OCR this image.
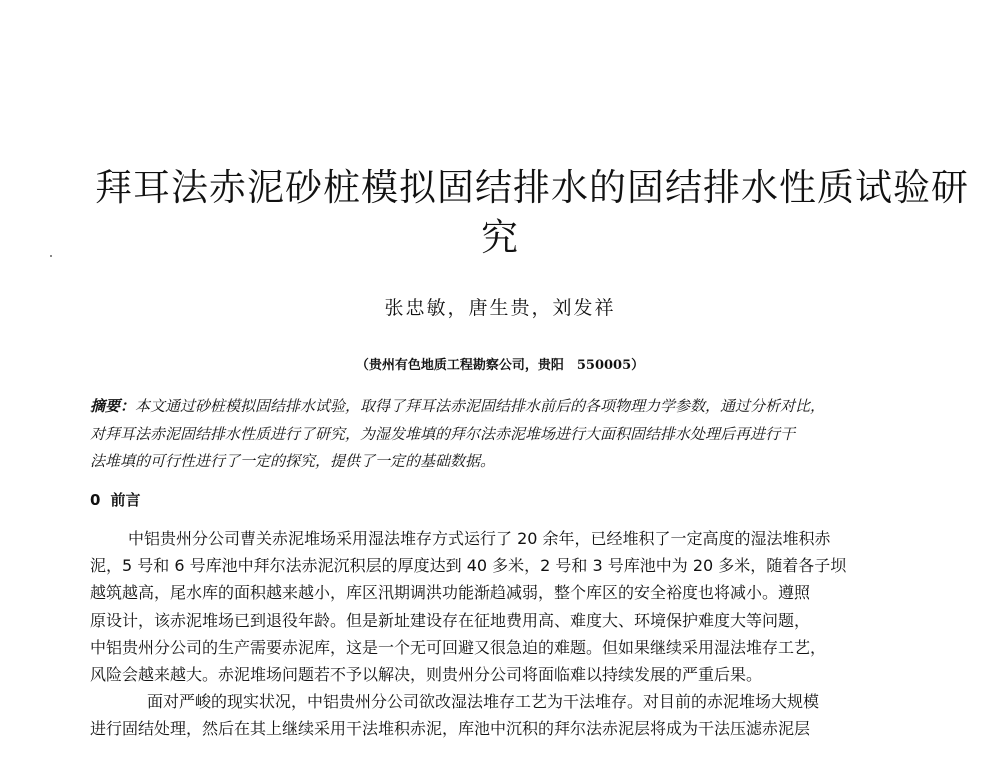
拜耳法赤泥砂桩模拟固结排水的固结排水性质试验研
究
张忠敏，唐生贵，刘发祥
（贵州有色地质工程勘察公司，贵阳　550005）
摘要：本文通过砂桩模拟固结排水试验，取得了拜耳法赤泥固结排水前后的各项物理力学参数，通过分析对比，
对拜耳法赤泥固结排水性质进行了研究，为湿发堆填的拜尔法赤泥堆场进行大面积固结排水处理后再进行干
法堆填的可行性进行了一定的探究，提供了一定的基础数据。
0 前言
中铝贵州分公司曹关赤泥堆场采用湿法堆存方式运行了 20 余年，已经堆积了一定高度的湿法堆积赤
泥，5 号和 6 号库池中拜尔法赤泥沉积层的厚度达到 40 多米，2 号和 3 号库池中为 20 多米，随着各子坝
越筑越高，尾水库的面积越来越小，库区汛期调洪功能渐趋减弱，整个库区的安全裕度也将减小。遵照
原设计，该赤泥堆场已到退役年龄。但是新址建设存在征地费用高、难度大、环境保护难度大等问题，
中铝贵州分公司的生产需要赤泥库，这是一个无可回避又很急迫的难题。但如果继续采用湿法堆存工艺，
风险会越来越大。赤泥堆场问题若不予以解决，则贵州分公司将面临难以持续发展的严重后果。
面对严峻的现实状况，中铝贵州分公司欲改湿法堆存工艺为干法堆存。对目前的赤泥堆场大规模
进行固结处理，然后在其上继续采用干法堆积赤泥，库池中沉积的拜尔法赤泥层将成为干法压滤赤泥层
